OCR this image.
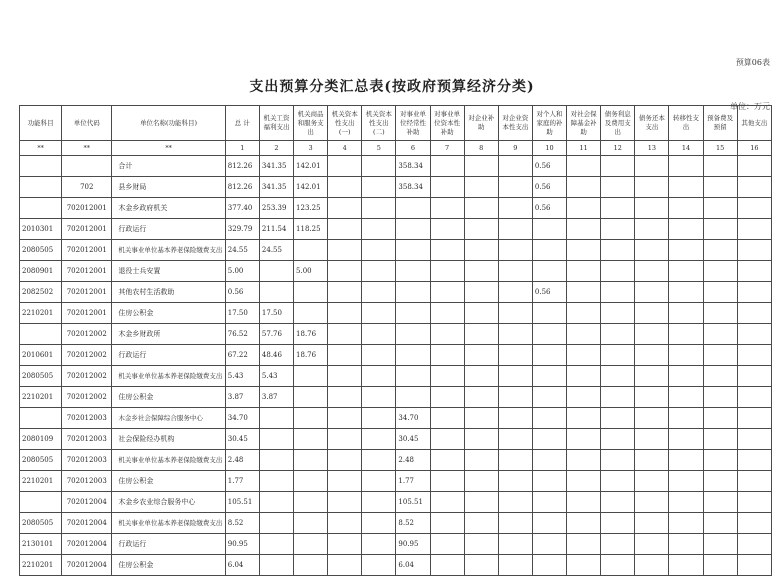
预算06表
支出预算分类汇总表(按政府预算经济分类)
单位：万元
功能科目	单位代码	单位名称(功能科目)	总 计	机关工资福利支出	机关商品和服务支出	机关资本性支出(一)	机关资本性支出(二)	对事业单位经常性补助	对事业单位资本性补助	对企业补助	对企业资本性支出	对个人和家庭的补助	对社会保障基金补助	债务利息及费用支出	债务还本支出	转移性支出	预备费及预留	其他支出
**	**	**	1	2	3	4	5	6	7	8	9	10	11	12	13	14	15	16
		合计	812.26	341.35	142.01			358.34				0.56						
	702	县乡财局	812.26	341.35	142.01			358.34				0.56						
	702012001	木金乡政府机关	377.40	253.39	123.25							0.56						
2010301	702012001	行政运行	329.79	211.54	118.25													
2080505	702012001	机关事业单位基本养老保险缴费支出	24.55	24.55														
2080901	702012001	退役士兵安置	5.00		5.00													
2082502	702012001	其他农村生活救助	0.56									0.56						
2210201	702012001	住房公积金	17.50	17.50														
	702012002	木金乡财政所	76.52	57.76	18.76													
2010601	702012002	行政运行	67.22	48.46	18.76													
2080505	702012002	机关事业单位基本养老保险缴费支出	5.43	5.43														
2210201	702012002	住房公积金	3.87	3.87														
	702012003	木金乡社会保障综合服务中心	34.70					34.70										
2080109	702012003	社会保险经办机构	30.45					30.45										
2080505	702012003	机关事业单位基本养老保险缴费支出	2.48					2.48										
2210201	702012003	住房公积金	1.77					1.77										
	702012004	木金乡农业综合服务中心	105.51					105.51										
2080505	702012004	机关事业单位基本养老保险缴费支出	8.52					8.52										
2130101	702012004	行政运行	90.95					90.95										
2210201	702012004	住房公积金	6.04					6.04										
